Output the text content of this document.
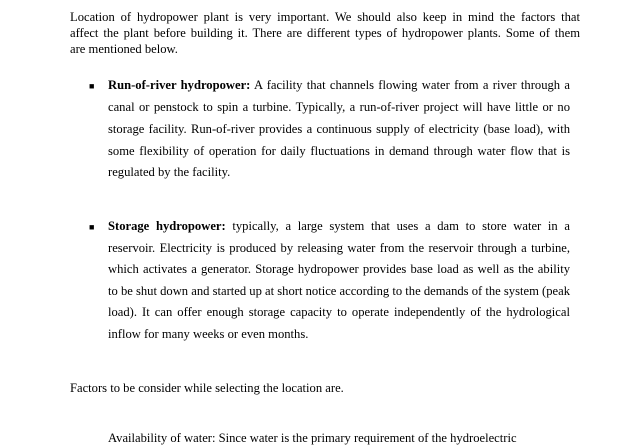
Location of hydropower plant is very important. We should also keep in mind the factors that
affect the plant before building it. There are different types of hydropower plants. Some of them
are mentioned below.
■ Run-of-river hydropower: A facility that channels flowing water from a river through a
canal or penstock to spin a turbine. Typically, a run-of-river project will have little or no
storage facility. Run-of-river provides a continuous supply of electricity (base load), with
some flexibility of operation for daily fluctuations in demand through water flow that is
regulated by the facility.
■ Storage hydropower: typically, a large system that uses a dam to store water in a
reservoir. Electricity is produced by releasing water from the reservoir through a turbine,
which activates a generator. Storage hydropower provides base load as well as the ability
to be shut down and started up at short notice according to the demands of the system (peak
load). It can offer enough storage capacity to operate independently of the hydrological
inflow for many weeks or even months.
Factors to be consider while selecting the location are.
Availability of water: Since water is the primary requirement of the hydroelectric
